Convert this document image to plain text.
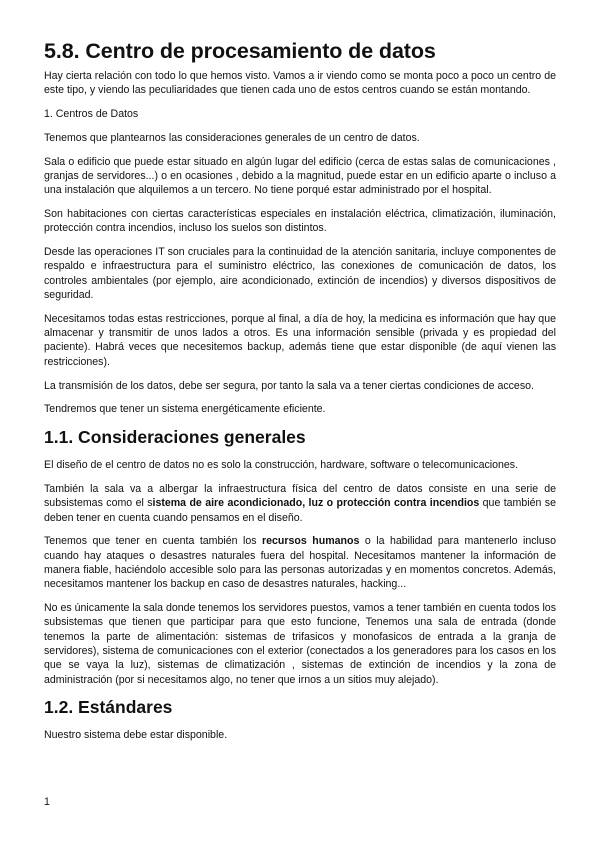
5.8. Centro de procesamiento de datos

Hay cierta relación con todo lo que hemos visto. Vamos a ir viendo como se monta poco a poco un centro de este tipo, y viendo las peculiaridades que tienen cada uno de estos centros cuando se están montando.

1. Centros de Datos

Tenemos que plantearnos las consideraciones generales de un centro de datos.

Sala o edificio que puede estar situado en algún lugar del edificio (cerca de estas salas de comunicaciones , granjas de servidores...) o en ocasiones , debido a la magnitud, puede estar en un edificio aparte o incluso a una instalación que alquilemos a un tercero. No tiene porqué estar administrado por el hospital.

Son habitaciones con ciertas características especiales en instalación eléctrica, climatización, iluminación, protección contra incendios, incluso los suelos son distintos.

Desde las operaciones IT son cruciales para la continuidad de la atención sanitaria, incluye componentes de respaldo e infraestructura para el suministro eléctrico, las conexiones de comunicación de datos, los controles ambientales (por ejemplo, aire acondicionado, extinción de incendios) y diversos dispositivos de seguridad.

Necesitamos todas estas restricciones, porque al final, a día de hoy, la medicina es información que hay que almacenar y transmitir de unos lados a otros. Es una información sensible (privada y es propiedad del paciente). Habrá veces que necesitemos backup, además tiene que estar disponible (de aquí vienen las restricciones).

La transmisión de los datos, debe ser segura, por tanto la sala va a tener ciertas condiciones de acceso.

Tendremos que tener un sistema energéticamente eficiente.

1.1. Consideraciones generales

El diseño de el centro de datos no es solo la construcción, hardware, software o telecomunicaciones.

También la sala va a albergar la infraestructura física del centro de datos consiste en una serie de subsistemas como el sistema de aire acondicionado, luz o protección contra incendios que también se deben tener en cuenta cuando pensamos en el diseño.

Tenemos que tener en cuenta también los recursos humanos o la habilidad para mantenerlo incluso cuando hay ataques o desastres naturales fuera del hospital. Necesitamos mantener la información de manera fiable, haciéndolo accesible solo para las personas autorizadas y en momentos concretos. Además, necesitamos mantener los backup en caso de desastres naturales, hacking...

No es únicamente la sala donde tenemos los servidores puestos, vamos a tener también en cuenta todos los subsistemas que tienen que participar para que esto funcione, Tenemos una sala de entrada (donde tenemos la parte de alimentación: sistemas de trifasicos y monofasicos de entrada a la granja de servidores), sistema de comunicaciones con el exterior (conectados a los generadores para los casos en los que se vaya la luz), sistemas de climatización , sistemas de extinción de incendios y la zona de administración (por si necesitamos algo, no tener que irnos a un sitios muy alejado).

1.2. Estándares

Nuestro sistema debe estar disponible.

1
